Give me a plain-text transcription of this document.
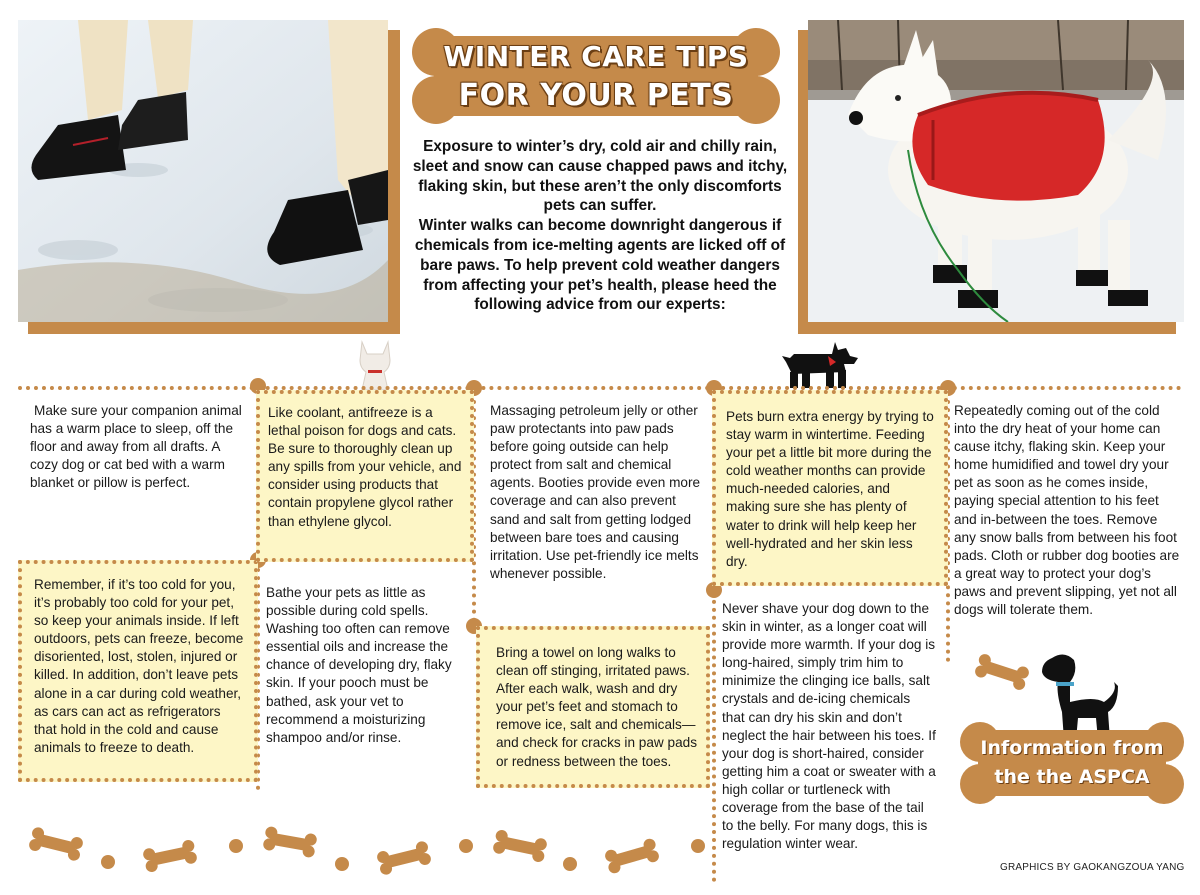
WINTER CARE TIPS
FOR YOUR PETS

Exposure to winter’s dry, cold air and chilly rain, sleet and snow can cause chapped paws and itchy, flaking skin, but these aren’t the only discomforts pets can suffer.

Winter walks can become downright dangerous if chemicals from ice-melting agents are licked off of bare paws. To help prevent cold weather dangers from affecting your pet’s health, please heed the following advice from our experts:

Make sure your companion animal has a warm place to sleep, off the floor and away from all drafts. A cozy dog or cat bed with a warm blanket or pillow is perfect.

Remember, if it’s too cold for you, it’s probably too cold for your pet, so keep your animals inside. If left outdoors, pets can freeze, become disoriented, lost, stolen, injured or killed. In addition, don’t leave pets alone in a car during cold weather, as cars can act as refrigerators that hold in the cold and cause animals to freeze to death.

Like coolant, antifreeze is a lethal poison for dogs and cats. Be sure to thoroughly clean up any spills from your vehicle, and consider using products that contain propylene glycol rather than ethylene glycol.

Bathe your pets as little as possible during cold spells. Washing too often can remove essential oils and increase the chance of developing dry, flaky skin. If your pooch must be bathed, ask your vet to recommend a moisturizing shampoo and/or rinse.

Massaging petroleum jelly or other paw protectants into paw pads before going outside can help protect from salt and chemical agents. Booties provide even more coverage and can also prevent sand and salt from getting lodged between bare toes and causing irritation. Use pet-friendly ice melts whenever possible.

Bring a towel on long walks to clean off stinging, irritated paws. After each walk, wash and dry your pet’s feet and stomach to remove ice, salt and chemicals—and check for cracks in paw pads or redness between the toes.

Pets burn extra energy by trying to stay warm in wintertime. Feeding your pet a little bit more during the cold weather months can provide much-needed calories, and making sure she has plenty of water to drink will help keep her well-hydrated and her skin less dry.

Never shave your dog down to the skin in winter, as a longer coat will provide more warmth. If your dog is long-haired, simply trim him to minimize the clinging ice balls, salt crystals and de-icing chemicals that can dry his skin and don’t neglect the hair between his toes. If your dog is short-haired, consider getting him a coat or sweater with a high collar or turtleneck with coverage from the base of the tail to the belly. For many dogs, this is regulation winter wear.

Repeatedly coming out of the cold into the dry heat of your home can cause itchy, flaking skin. Keep your home humidified and towel dry your pet as soon as he comes inside, paying special attention to his feet and in-between the toes. Remove any snow balls from between his foot pads. Cloth or rubber dog booties are a great way to protect your dog’s paws and prevent slipping, yet not all dogs will tolerate them.

Information from
the the ASPCA
GRAPHICS BY GAOKANGZOUA YANG
